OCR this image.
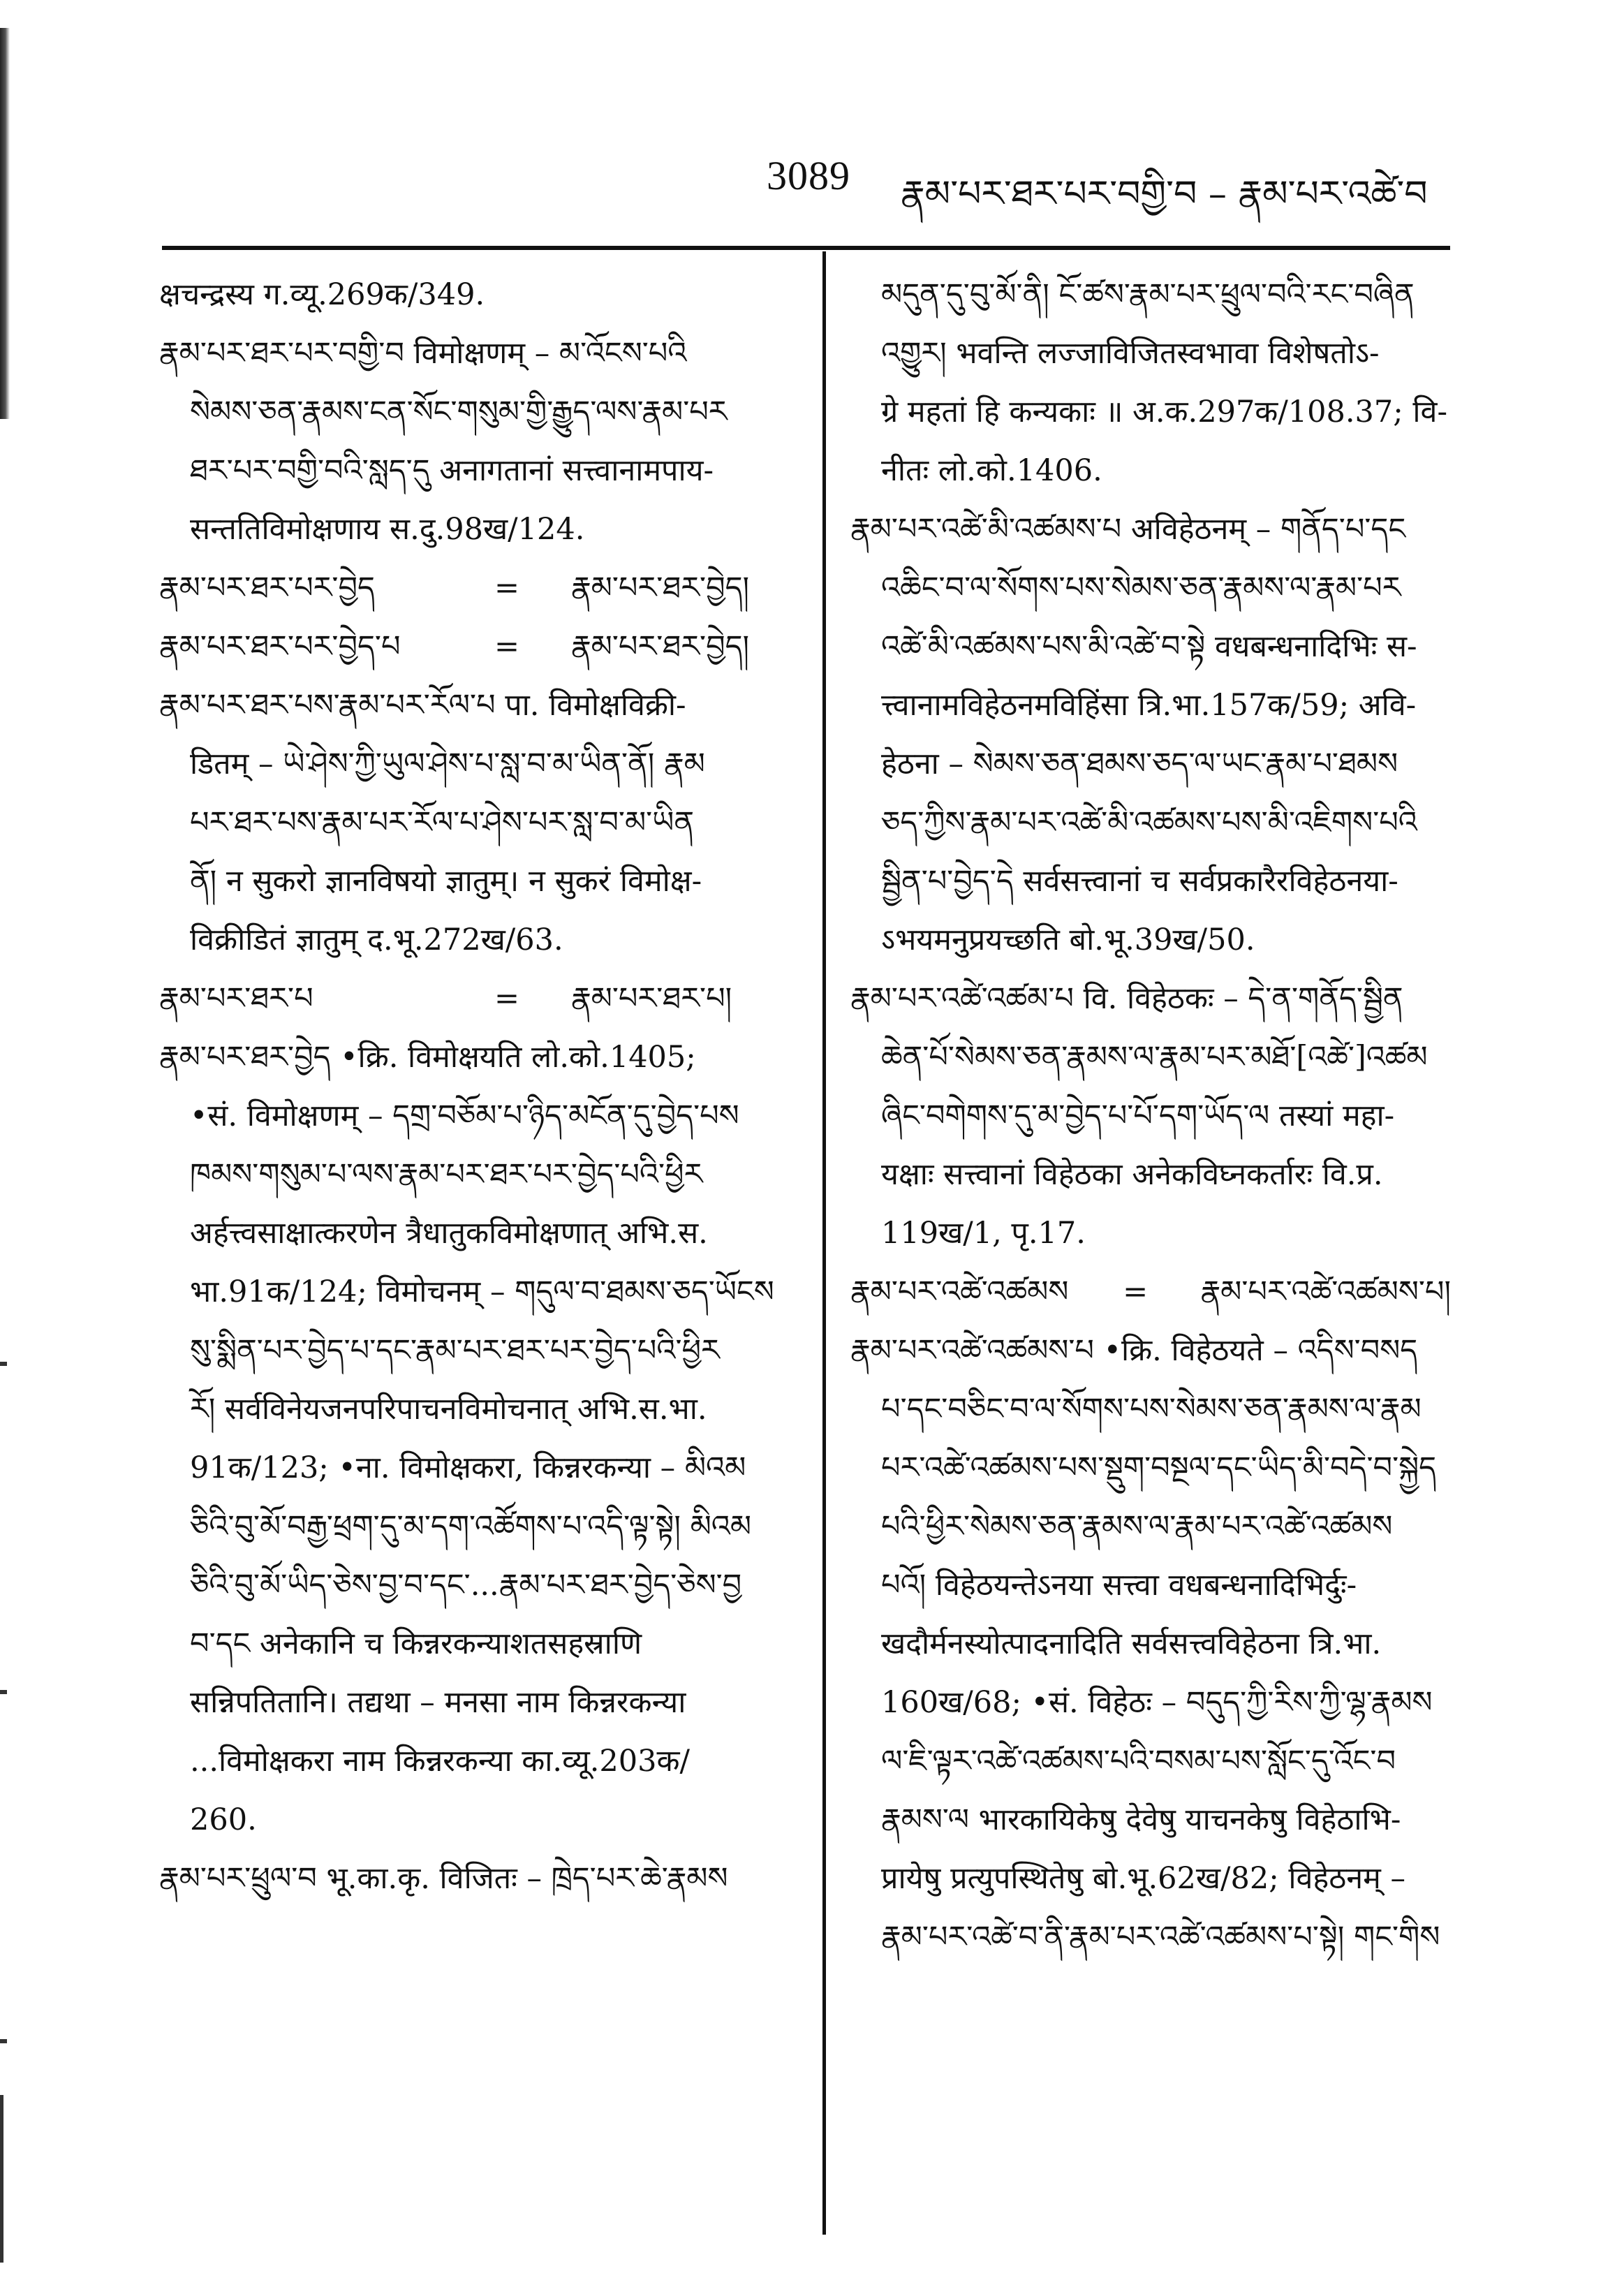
3089 རྣམ་པར་ཐར་པར་བགྱི་བ – རྣམ་པར་འཚེ་བ
क्षचन्द्रस्य ग.व्यू.269क/349.
རྣམ་པར་ཐར་པར་བགྱི་བ विमोक्षणम् – མ་འོངས་པའི
སེམས་ཅན་རྣམས་ངན་སོང་གསུམ་གྱི་རྒྱུད་ལས་རྣམ་པར
ཐར་པར་བགྱི་བའི་སླད་དུ अनागतानां सत्त्वानामपाय-
सन्ततिविमोक्षणाय स.दु.98ख/124.
རྣམ་པར་ཐར་པར་བྱེད	=	རྣམ་པར་ཐར་བྱེད།
རྣམ་པར་ཐར་པར་བྱེད་པ	=	རྣམ་པར་ཐར་བྱེད།
རྣམ་པར་ཐར་པས་རྣམ་པར་རོལ་པ पा. विमोक्षविक्री-
डितम् – ཡེ་ཤེས་ཀྱི་ཡུལ་ཤེས་པ་སླ་བ་མ་ཡིན་ནོ། རྣམ
པར་ཐར་པས་རྣམ་པར་རོལ་པ་ཤེས་པར་སླ་བ་མ་ཡིན
ནོ། न सुकरो ज्ञानविषयो ज्ञातुम्। न सुकरं विमोक्ष-
विक्रीडितं ज्ञातुम् द.भू.272ख/63.
རྣམ་པར་ཐར་པ	=	རྣམ་པར་ཐར་པ།
རྣམ་པར་ཐར་བྱེད •क्रि. विमोक्षयति लो.को.1405;
•सं. विमोक्षणम् – དགྲ་བཅོམ་པ་ཉིད་མངོན་དུ་བྱེད་པས
ཁམས་གསུམ་པ་ལས་རྣམ་པར་ཐར་པར་བྱེད་པའི་ཕྱིར
अर्हत्त्वसाक्षात्करणेन त्रैधातुकविमोक्षणात् अभि.स.
भा.91क/124; विमोचनम् – གདུལ་བ་ཐམས་ཅད་ཡོངས
སུ་སྨིན་པར་བྱེད་པ་དང་རྣམ་པར་ཐར་པར་བྱེད་པའི་ཕྱིར
རོ། सर्वविनेयजनपरिपाचनविमोचनात् अभि.स.भा.
91क/123; •ना. विमोक्षकरा, किन्नरकन्या – མིའམ
ཅིའི་བུ་མོ་བརྒྱ་ཕྲག་དུ་མ་དག་འཚོགས་པ་འདི་ལྟ་སྟེ། མིའམ
ཅིའི་བུ་མོ་ཡིད་ཅེས་བྱ་བ་དང་...རྣམ་པར་ཐར་བྱེད་ཅེས་བྱ
བ་དང अनेकानि च किन्नरकन्याशतसहस्राणि
सन्निपतितानि। तद्यथा – मनसा नाम किन्नरकन्या
...विमोक्षकरा नाम किन्नरकन्या का.व्यू.203क/
260.
རྣམ་པར་ཕྲུལ་བ भू.का.कृ. विजितः – ཁྲེད་པར་ཆེ་རྣམས
མདུན་དུ་བུ་མོ་ནི། ངོ་ཚས་རྣམ་པར་ཕྲུལ་བའི་རང་བཞིན
འགྱུར། भवन्ति लज्जाविजितस्वभावा विशेषतोऽ-
ग्रे महतां हि कन्यकाः ॥ अ.क.297क/108.37; वि-
नीतः लो.को.1406.
རྣམ་པར་འཚེ་མི་འཚམས་པ अविहेठनम् – གནོད་པ་དང
འཆིང་བ་ལ་སོགས་པས་སེམས་ཅན་རྣམས་ལ་རྣམ་པར
འཚེ་མི་འཚམས་པས་མི་འཚེ་བ་སྟེ वधबन्धनादिभिः स-
त्त्वानामविहेठनमविहिंसा त्रि.भा.157क/59; अवि-
हेठना – སེམས་ཅན་ཐམས་ཅད་ལ་ཡང་རྣམ་པ་ཐམས
ཅད་ཀྱིས་རྣམ་པར་འཚེ་མི་འཚམས་པས་མི་འཇིགས་པའི
སྦྱིན་པ་བྱེད་དེ सर्वसत्त्वानां च सर्वप्रकारैरविहेठनया-
ऽभयमनुप्रयच्छति बो.भू.39ख/50.
རྣམ་པར་འཚེ་འཚམ་པ वि. विहेठकः – དེ་ན་གནོད་སྦྱིན
ཆེན་པོ་སེམས་ཅན་རྣམས་ལ་རྣམ་པར་མཐོ་[འཚེ་]འཚམ
ཞིང་བགེགས་དུ་མ་བྱེད་པ་པོ་དག་ཡོད་ལ तस्यां महा-
यक्षाः सत्त्वानां विहेठका अनेकविघ्नकर्तारः वि.प्र.
119ख/1, पृ.17.
རྣམ་པར་འཚེ་འཚམས	=	རྣམ་པར་འཚེ་འཚམས་པ།
རྣམ་པར་འཚེ་འཚམས་པ •क्रि. विहेठयते – འདིས་བསད
པ་དང་བཅིང་བ་ལ་སོགས་པས་སེམས་ཅན་རྣམས་ལ་རྣམ
པར་འཚེ་འཚམས་པས་སྡུག་བསྔལ་དང་ཡིད་མི་བདེ་བ་སྐྱེད
པའི་ཕྱིར་སེམས་ཅན་རྣམས་ལ་རྣམ་པར་འཚེ་འཚམས
པའོ། विहेठयन्तेऽनया सत्त्वा वधबन्धनादिभिर्दुः-
खदौर्मनस्योत्पादनादिति सर्वसत्त्वविहेठना त्रि.भा.
160ख/68; •सं. विहेठः – བདུད་ཀྱི་རིས་ཀྱི་ལྷ་རྣམས
ལ་ཇི་ལྟར་འཚེ་འཚམས་པའི་བསམ་པས་སློང་དུ་འོང་བ
རྣམས་ལ भारकायिकेषु देवेषु याचनकेषु विहेठाभि-
प्रायेषु प्रत्युपस्थितेषु बो.भू.62ख/82; विहेठनम् –
རྣམ་པར་འཚེ་བ་ནི་རྣམ་པར་འཚེ་འཚམས་པ་སྟེ། གང་གིས
